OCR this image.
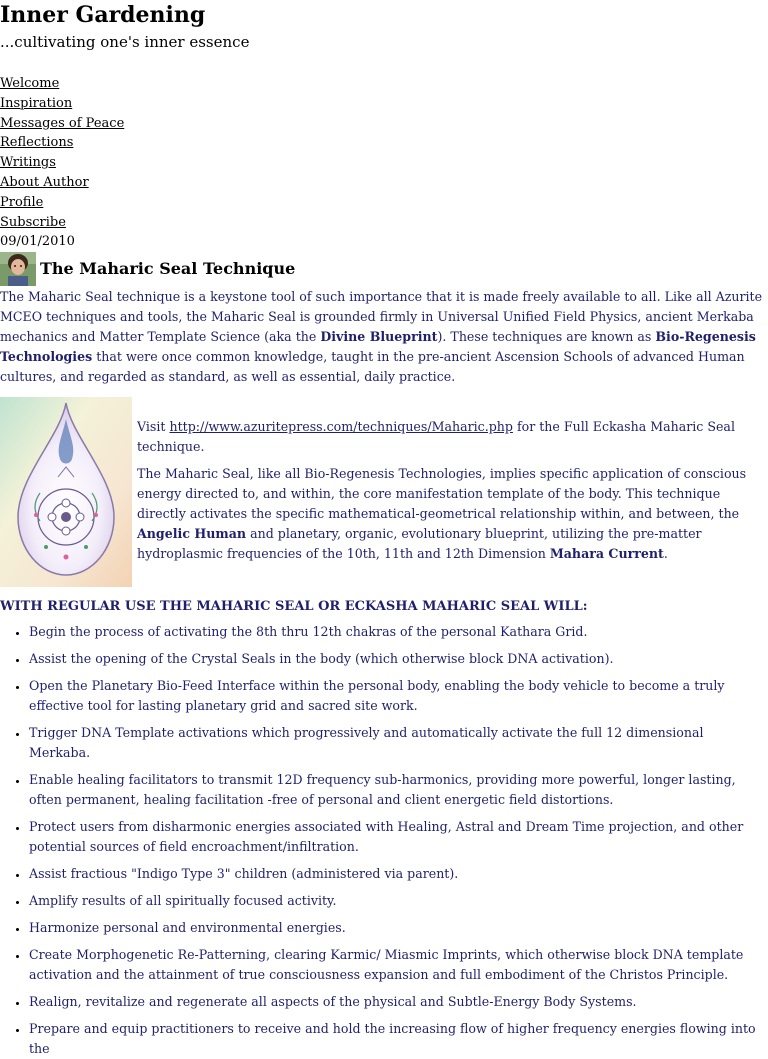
Inner Gardening
...cultivating one's inner essence
Welcome
Inspiration
Messages of Peace
Reflections
Writings
About Author
Profile
Subscribe
09/01/2010
The Maharic Seal Technique

The Maharic Seal technique is a keystone tool of such importance that it is made freely available to all. Like all Azurite MCEO techniques and tools, the Maharic Seal is grounded firmly in Universal Unified Field Physics, ancient Merkaba mechanics and Matter Template Science (aka the Divine Blueprint). These techniques are known as Bio-Regenesis Technologies that were once common knowledge, taught in the pre-ancient Ascension Schools of advanced Human cultures, and regarded as standard, as well as essential, daily practice.

Visit http://www.azuritepress.com/techniques/Maharic.php for the Full Eckasha Maharic Seal technique.

The Maharic Seal, like all Bio-Regenesis Technologies, implies specific application of conscious energy directed to, and within, the core manifestation template of the body. This technique directly activates the specific mathematical-geometrical relationship within, and between, the Angelic Human and planetary, organic, evolutionary blueprint, utilizing the pre-matter hydroplasmic frequencies of the 10th, 11th and 12th Dimension Mahara Current.

WITH REGULAR USE THE MAHARIC SEAL OR ECKASHA MAHARIC SEAL WILL:
• Begin the process of activating the 8th thru 12th chakras of the personal Kathara Grid.
• Assist the opening of the Crystal Seals in the body (which otherwise block DNA activation).
• Open the Planetary Bio-Feed Interface within the personal body, enabling the body vehicle to become a truly effective tool for lasting planetary grid and sacred site work.
• Trigger DNA Template activations which progressively and automatically activate the full 12 dimensional Merkaba.
• Enable healing facilitators to transmit 12D frequency sub-harmonics, providing more powerful, longer lasting, often permanent, healing facilitation -free of personal and client energetic field distortions.
• Protect users from disharmonic energies associated with Healing, Astral and Dream Time projection, and other potential sources of field encroachment/infiltration.
• Assist fractious "Indigo Type 3" children (administered via parent).
• Amplify results of all spiritually focused activity.
• Harmonize personal and environmental energies.
• Create Morphogenetic Re-Patterning, clearing Karmic/ Miasmic Imprints, which otherwise block DNA template activation and the attainment of true consciousness expansion and full embodiment of the Christos Principle.
• Realign, revitalize and regenerate all aspects of the physical and Subtle-Energy Body Systems.
• Prepare and equip practitioners to receive and hold the increasing flow of higher frequency energies flowing into the
